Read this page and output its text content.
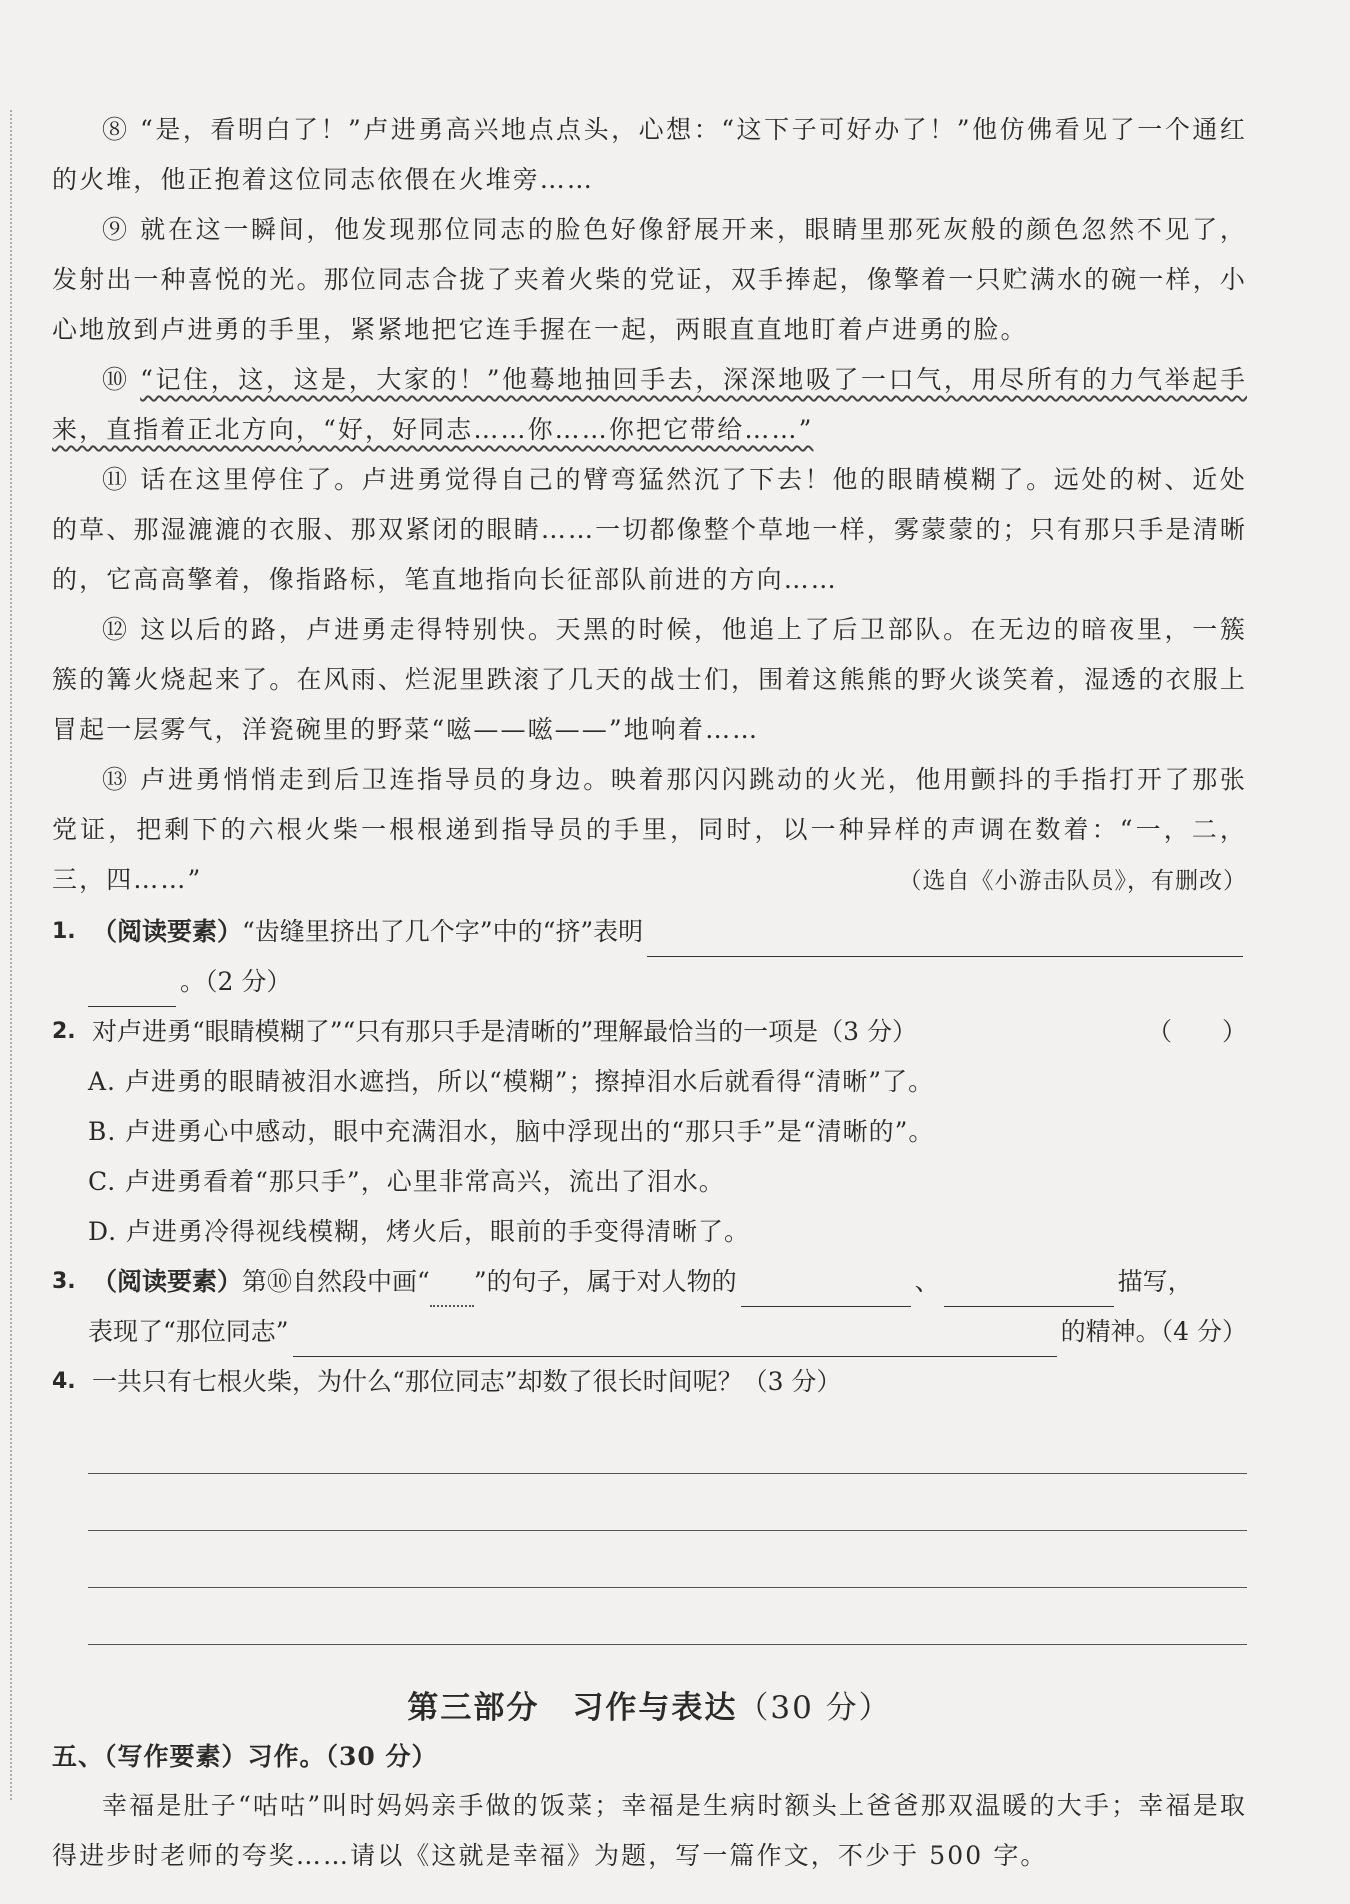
⑧ “是，看明白了！”卢进勇高兴地点点头，心想：“这下子可好办了！”他仿佛看见了一个通红的火堆，他正抱着这位同志依偎在火堆旁……

⑨ 就在这一瞬间，他发现那位同志的脸色好像舒展开来，眼睛里那死灰般的颜色忽然不见了，发射出一种喜悦的光。那位同志合拢了夹着火柴的党证，双手捧起，像擎着一只贮满水的碗一样，小心地放到卢进勇的手里，紧紧地把它连手握在一起，两眼直直地盯着卢进勇的脸。

⑩ “记住，这，这是，大家的！”他蓦地抽回手去，深深地吸了一口气，用尽所有的力气举起手来，直指着正北方向，“好，好同志……你……你把它带给……”

⑪ 话在这里停住了。卢进勇觉得自己的臂弯猛然沉了下去！他的眼睛模糊了。远处的树、近处的草、那湿漉漉的衣服、那双紧闭的眼睛……一切都像整个草地一样，雾蒙蒙的；只有那只手是清晰的，它高高擎着，像指路标，笔直地指向长征部队前进的方向……

⑫ 这以后的路，卢进勇走得特别快。天黑的时候，他追上了后卫部队。在无边的暗夜里，一簇簇的篝火烧起来了。在风雨、烂泥里跌滚了几天的战士们，围着这熊熊的野火谈笑着，湿透的衣服上冒起一层雾气，洋瓷碗里的野菜“嗞——嗞——”地响着……

⑬ 卢进勇悄悄走到后卫连指导员的身边。映着那闪闪跳动的火光，他用颤抖的手指打开了那张党证，把剩下的六根火柴一根根递到指导员的手里，同时，以一种异样的声调在数着：“一，二，三，四……”	（选自《小游击队员》，有删改）

1. （阅读要素） “齿缝里挤出了几个字”中的“挤”表明
。（2 分）
2. 对卢进勇“眼睛模糊了”“只有那只手是清晰的”理解最恰当的一项是（3 分）	（　　）
A. 卢进勇的眼睛被泪水遮挡，所以“模糊”；擦掉泪水后就看得“清晰”了。
B. 卢进勇心中感动，眼中充满泪水，脑中浮现出的“那只手”是“清晰的”。
C. 卢进勇看着“那只手”，心里非常高兴，流出了泪水。
D. 卢进勇冷得视线模糊，烤火后，眼前的手变得清晰了。
3. （阅读要素） 第⑩自然段中画“ ”的句子，属于对人物的	、	描写，
表现了“那位同志”	的精神。（4 分）
4. 一共只有七根火柴，为什么“那位同志”却数了很长时间呢？（3 分）
第三部分　习作与表达（30 分）
五、（写作要素）习作。（30 分）

幸福是肚子“咕咕”叫时妈妈亲手做的饭菜；幸福是生病时额头上爸爸那双温暖的大手；幸福是取得进步时老师的夸奖……请以《这就是幸福》为题，写一篇作文，不少于 500 字。
